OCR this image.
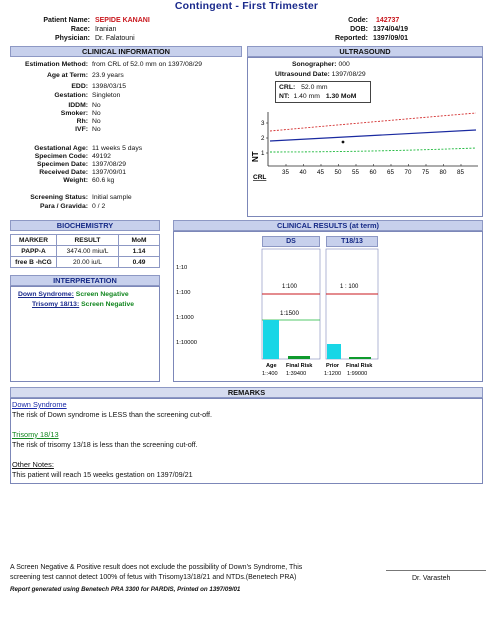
Contingent - First Trimester
Patient Name: SEPIDE KANANI
Race: Iranian
Physician: Dr. Falatouni
Code: 142737
DOB: 1374/04/19
Reported: 1397/09/01
CLINICAL INFORMATION
Estimation Method: from CRL of 52.0 mm on 1397/08/29
Age at Term: 23.9 years
EDD: 1398/03/15
Gestation: Singleton
IDDM: No
Smoker: No
Rh: No
IVF: No
Gestational Age: 11 weeks 5 days
Specimen Code: 49192
Specimen Date: 1397/08/29
Received Date: 1397/09/01
Weight: 60.6 kg
Screening Status: Initial sample
Para / Gravida: 0 / 2
ULTRASOUND
Sonographer: 000
Ultrasound Date: 1397/08/29
CRL: 52.0 mm
NT: 1.40 mm 1.30 MoM
1
2
3
35 40 45 50 55 60 65 70 75 80 85
NT
CRL
BIOCHEMISTRY
MARKER	RESULT	MoM
PAPP-A	3474.00 miu/L	1.14
free B -hCG	20.00 iu/L	0.49
INTERPRETATION
Down Syndrome: Screen Negative
Trisomy 18/13: Screen Negative
CLINICAL RESULTS (at term)
DS	T18/13
1:10
1:100
1:1000
1:10000
1:100	1 : 100
1:1500
Age Final Risk Prior Final Risk
1::400 1:39400	1:1200 1:99000
REMARKS
Down Syndrome
The risk of Down syndrome is LESS than the screening cut-off.
Trisomy 18/13
The risk of trisomy 13/18 is less than the screening cut-off.
Other Notes:
This patient will reach 15 weeks gestation on 1397/09/21
A Screen Negative & Positive result does not exclude the possibility of Down's Syndrome, This
screening test cannot detect 100% of fetus with Trisomy13/18/21 and NTDs.(Benetech PRA)	Dr. Varasteh
Report generated using Benetech PRA 3300 for PARDIS, Printed on 1397/09/01
